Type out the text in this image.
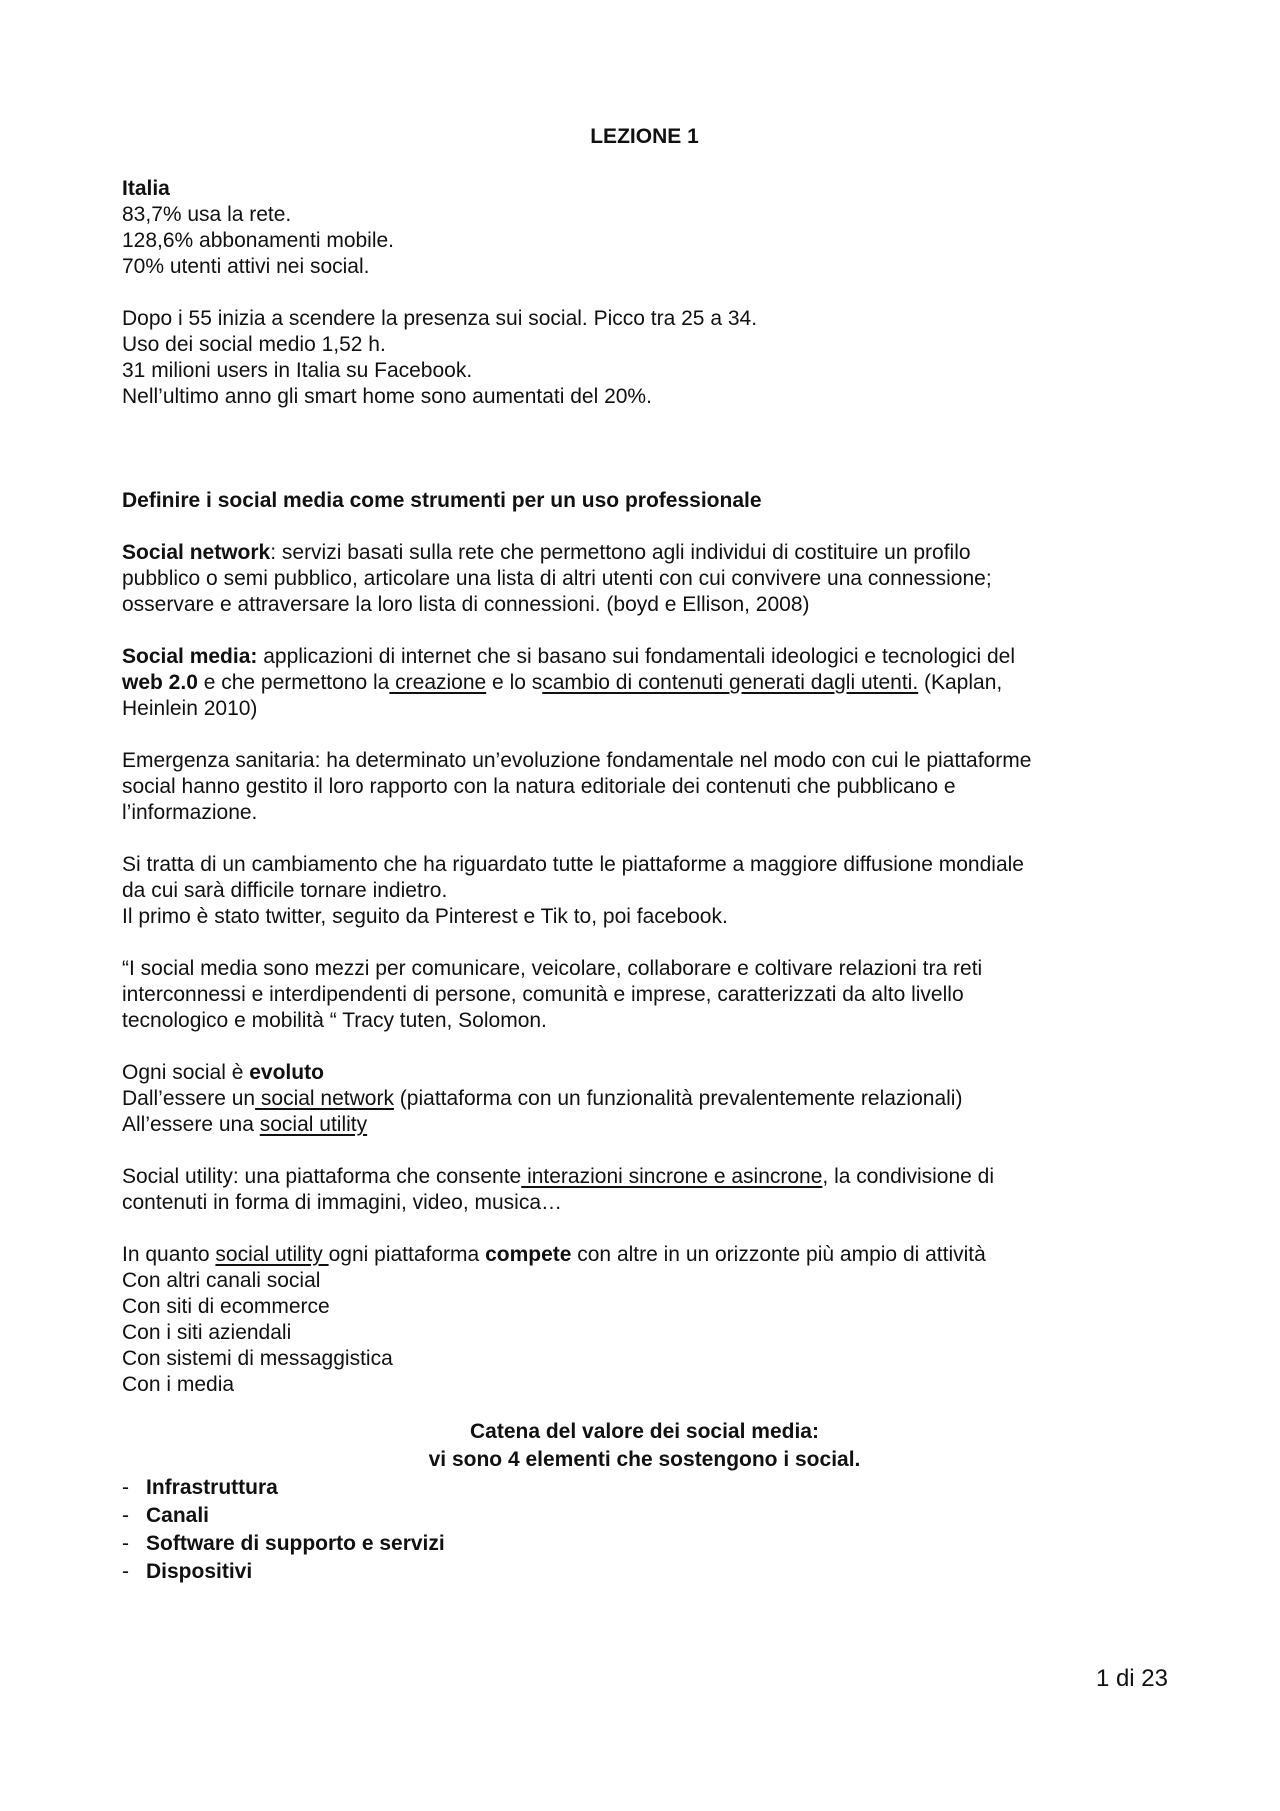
LEZIONE 1

Italia

83,7% usa la rete.

128,6% abbonamenti mobile.

70% utenti attivi nei social.

Dopo i 55 inizia a scendere la presenza sui social. Picco tra 25 a 34.

Uso dei social medio 1,52 h.

31 milioni users in Italia su Facebook.

Nell’ultimo anno gli smart home sono aumentati del 20%.

Definire i social media come strumenti per un uso professionale

Social network: servizi basati sulla rete che permettono agli individui di costituire un profilo

pubblico o semi pubblico, articolare una lista di altri utenti con cui convivere una connessione;

osservare e attraversare la loro lista di connessioni. (boyd e Ellison, 2008)

Social media: applicazioni di internet che si basano sui fondamentali ideologici e tecnologici del

web 2.0 e che permettono la creazione e lo scambio di contenuti generati dagli utenti. (Kaplan,

Heinlein 2010)

Emergenza sanitaria: ha determinato un’evoluzione fondamentale nel modo con cui le piattaforme

social hanno gestito il loro rapporto con la natura editoriale dei contenuti che pubblicano e

l’informazione.

Si tratta di un cambiamento che ha riguardato tutte le piattaforme a maggiore diffusione mondiale

da cui sarà difficile tornare indietro.

Il primo è stato twitter, seguito da Pinterest e Tik to, poi facebook.

“I social media sono mezzi per comunicare, veicolare, collaborare e coltivare relazioni tra reti

interconnessi e interdipendenti di persone, comunità e imprese, caratterizzati da alto livello

tecnologico e mobilità “ Tracy tuten, Solomon.

Ogni social è evoluto

Dall’essere un social network (piattaforma con un funzionalità prevalentemente relazionali)

All’essere una social utility

Social utility: una piattaforma che consente interazioni sincrone e asincrone, la condivisione di

contenuti in forma di immagini, video, musica…

In quanto social utility ogni piattaforma compete con altre in un orizzonte più ampio di attività

Con altri canali social

Con siti di ecommerce

Con i siti aziendali

Con sistemi di messaggistica

Con i media

Catena del valore dei social media:

vi sono 4 elementi che sostengono i social.

- Infrastruttura
- Canali
- Software di supporto e servizi
- Dispositivi
1 di 23
